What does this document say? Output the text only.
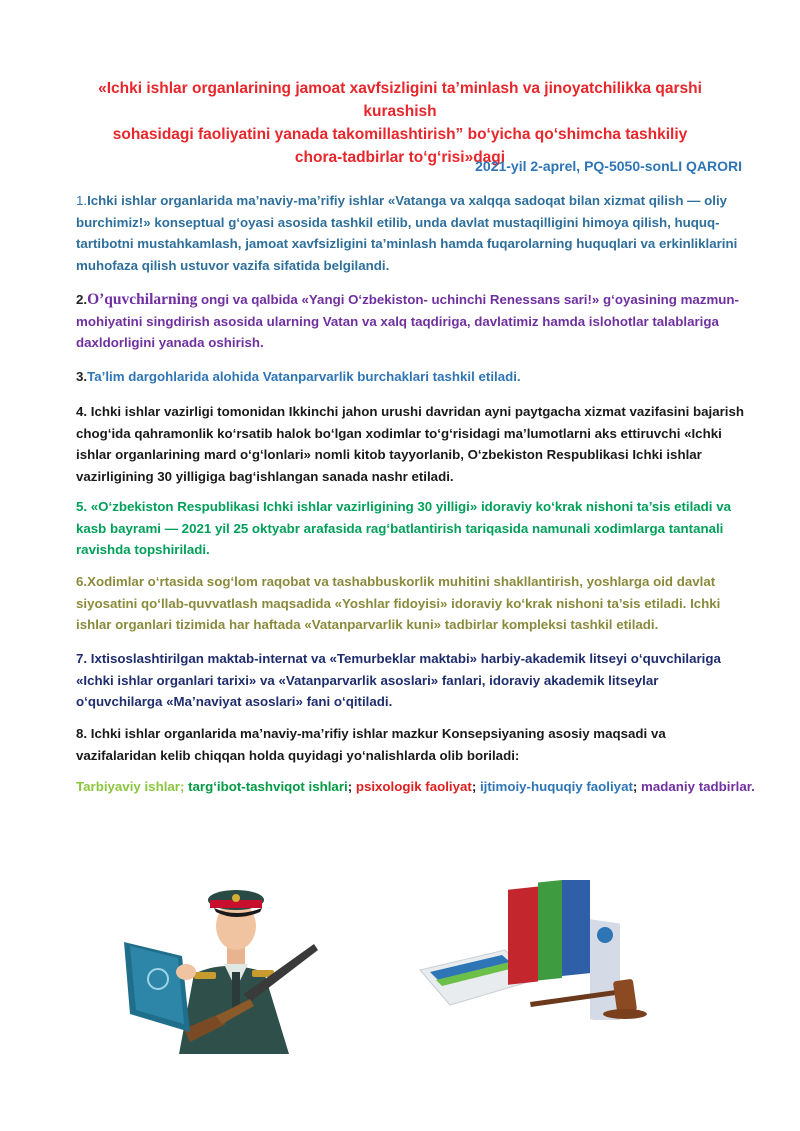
«Ichki ishlar organlarining jamoat xavfsizligini ta’minlash va jinoyatchilikka qarshi kurashish
sohasidagi faoliyatini yanada takomillashtirish” bo‘yicha qo‘shimcha tashkiliy
chora-tadbirlar to‘g‘risi»dagi
2021-yil 2-aprel, PQ-5050-sonLI QARORI
1.Ichki ishlar organlarida ma’naviy-ma’rifiy ishlar «Vatanga va xalqqa sadoqat bilan xizmat qilish — oliy burchimiz!» konseptual g‘oyasi asosida tashkil etilib, unda davlat mustaqilligini himoya qilish, huquq-tartibotni mustahkamlash, jamoat xavfsizligini ta’minlash hamda fuqarolarning huquqlari va erkinliklarini muhofaza qilish ustuvor vazifa sifatida belgilandi.
2.O’quvchilarning ongi va qalbida «Yangi O‘zbekiston- uchinchi Renessans sari!» g‘oyasining mazmun-mohiyatini singdirish asosida ularning Vatan va xalq taqdiriga, davlatimiz hamda islohotlar talablariga daxldorligini yanada oshirish.
3.Ta’lim dargohlarida alohida Vatanparvarlik burchaklari tashkil etiladi.
4. Ichki ishlar vazirligi tomonidan Ikkinchi jahon urushi davridan ayni paytgacha xizmat vazifasini bajarish chog‘ida qahramonlik ko‘rsatib halok bo‘lgan xodimlar to‘g‘risidagi ma’lumotlarni aks ettiruvchi «Ichki ishlar organlarining mard o‘g‘lonlari» nomli kitob tayyorlanib, O‘zbekiston Respublikasi Ichki ishlar vazirligining 30 yilligiga bag‘ishlangan sanada nashr etiladi.
5. «O‘zbekiston Respublikasi Ichki ishlar vazirligining 30 yilligi» idoraviy ko‘krak nishoni ta’sis etiladi va kasb bayrami — 2021 yil 25 oktyabr arafasida rag‘batlantirish tariqasida namunali xodimlarga tantanali ravishda topshiriladi.
6.Xodimlar o‘rtasida sog‘lom raqobat va tashabbuskorlik muhitini shakllantirish, yoshlarga oid davlat siyosatini qo‘llab-quvvatlash maqsadida «Yoshlar fidoyisi» idoraviy ko‘krak nishoni ta’sis etiladi. Ichki ishlar organlari tizimida har haftada «Vatanparvarlik kuni» tadbirlar kompleksi tashkil etiladi.
7. Ixtisoslashtirilgan maktab-internat va «Temurbeklar maktabi» harbiy-akademik litseyi o‘quvchilariga «Ichki ishlar organlari tarixi» va «Vatanparvarlik asoslari» fanlari, idoraviy akademik litseylar o‘quvchilarga «Ma’naviyat asoslari» fani o‘qitiladi.
8. Ichki ishlar organlarida ma’naviy-ma’rifiy ishlar mazkur Konsepsiyaning asosiy maqsadi va vazifalaridan kelib chiqqan holda quyidagi yo‘nalishlarda olib boriladi:
Tarbiyaviy ishlar; targ‘ibot-tashviqot ishlari; psixologik faoliyat; ijtimoiy-huquqiy faoliyat; madaniy tadbirlar.
